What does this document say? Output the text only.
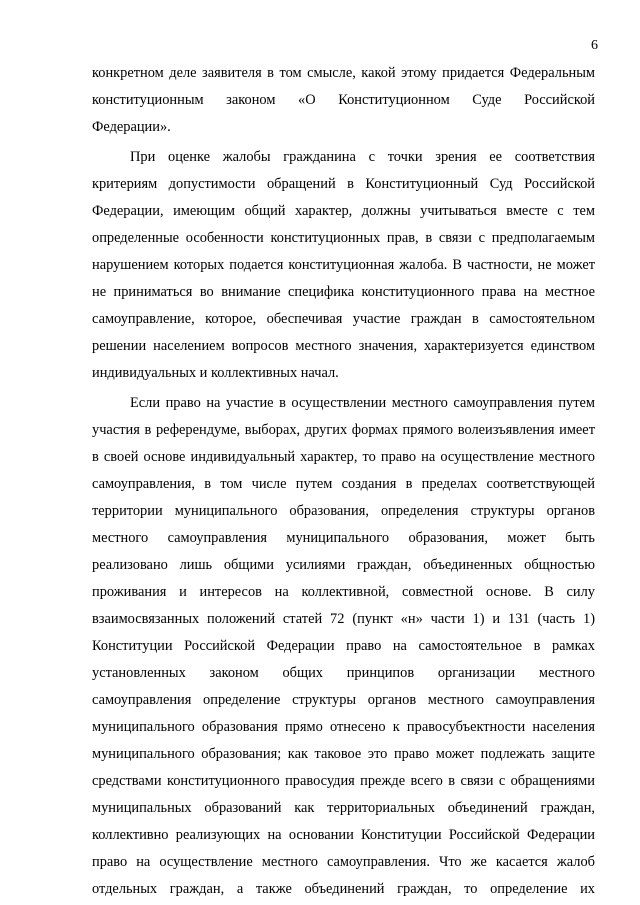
6
конкретном деле заявителя в том смысле, какой этому придается Федеральным
конституционным законом «О Конституционном Суде Российской
Федерации».
При оценке жалобы гражданина с точки зрения ее соответствия
критериям допустимости обращений в Конституционный Суд Российской
Федерации, имеющим общий характер, должны учитываться вместе с тем
определенные особенности конституционных прав, в связи с предполагаемым
нарушением которых подается конституционная жалоба. В частности, не может
не приниматься во внимание специфика конституционного права на местное
самоуправление, которое, обеспечивая участие граждан в самостоятельном
решении населением вопросов местного значения, характеризуется единством
индивидуальных и коллективных начал.
Если право на участие в осуществлении местного самоуправления путем
участия в референдуме, выборах, других формах прямого волеизъявления имеет
в своей основе индивидуальный характер, то право на осуществление местного
самоуправления, в том числе путем создания в пределах соответствующей
территории муниципального образования, определения структуры органов
местного самоуправления муниципального образования, может быть
реализовано лишь общими усилиями граждан, объединенных общностью
проживания и интересов на коллективной, совместной основе. В силу
взаимосвязанных положений статей 72 (пункт «н» части 1) и 131 (часть 1)
Конституции Российской Федерации право на самостоятельное в рамках
установленных законом общих принципов организации местного
самоуправления определение структуры органов местного самоуправления
муниципального образования прямо отнесено к правосубъектности населения
муниципального образования; как таковое это право может подлежать защите
средствами конституционного правосудия прежде всего в связи с обращениями
муниципальных образований как территориальных объединений граждан,
коллективно реализующих на основании Конституции Российской Федерации
право на осуществление местного самоуправления. Что же касается жалоб
отдельных граждан, а также объединений граждан, то определение их
